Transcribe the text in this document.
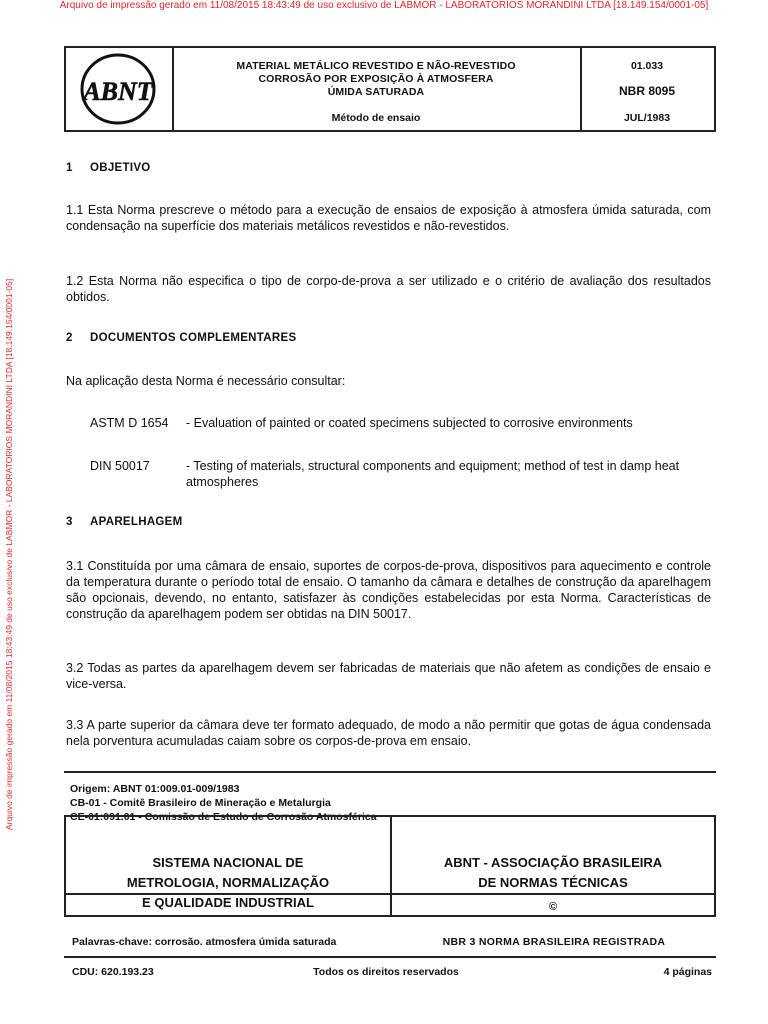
Arquivo de impressão gerado em 11/08/2015 18:43:49 de uso exclusivo de LABMOR - LABORATORIOS MORANDINI LTDA [18.149.154/0001-05]
Arquivo de impressão gerado em 11/08/2015 18:43:49 de uso exclusivo de LABMOR - LABORATORIOS MORANDINI LTDA [18.149.154/0001-05]
ABNT
MATERIAL METÁLICO REVESTIDO E NÃO-REVESTIDO
CORROSÃO POR EXPOSIÇÃO À ATMOSFERA
ÚMIDA SATURADA
Método de ensaio
01.033
NBR 8095
JUL/1983
1 OBJETIVO
1.1 Esta Norma prescreve o método para a execução de ensaios de exposição à atmosfera úmida saturada, com condensação na superfície dos materiais metálicos revestidos e não-revestidos.
1.2 Esta Norma não especifica o tipo de corpo-de-prova a ser utilizado e o critério de avaliação dos resultados obtidos.
2 DOCUMENTOS COMPLEMENTARES
Na aplicação desta Norma é necessário consultar:
ASTM D 1654 - Evaluation of painted or coated specimens subjected to corrosive environments
DIN 50017	- Testing of materials, structural components and equipment; method of test in damp heat atmospheres
3 APARELHAGEM
3.1 Constituída por uma câmara de ensaio, suportes de corpos-de-prova, dispositivos para aquecimento e controle da temperatura durante o período total de ensaio. O tamanho da câmara e detalhes de construção da aparelhagem são opcionais, devendo, no entanto, satisfazer às condições estabelecidas por esta Norma. Características de construção da aparelhagem podem ser obtidas na DIN 50017.
3.2 Todas as partes da aparelhagem devem ser fabricadas de materiais que não afetem as condições de ensaio e vice-versa.
3.3 A parte superior da câmara deve ter formato adequado, de modo a não permitir que gotas de água condensada nela porventura acumuladas caiam sobre os corpos-de-prova em ensaio.
Origem: ABNT 01:009.01-009/1983
CB-01 - Comitê Brasileiro de Mineração e Metalurgia
CE-01:091.01 - Comissão de Estudo de Corrosão Atmosférica
SISTEMA NACIONAL DE
METROLOGIA, NORMALIZAÇÃO
E QUALIDADE INDUSTRIAL
ABNT - ASSOCIAÇÃO BRASILEIRA
DE NORMAS TÉCNICAS
©
Palavras-chave: corrosão. atmosfera úmida saturada	NBR 3 NORMA BRASILEIRA REGISTRADA
CDU: 620.193.23	Todos os direitos reservados	4 páginas
